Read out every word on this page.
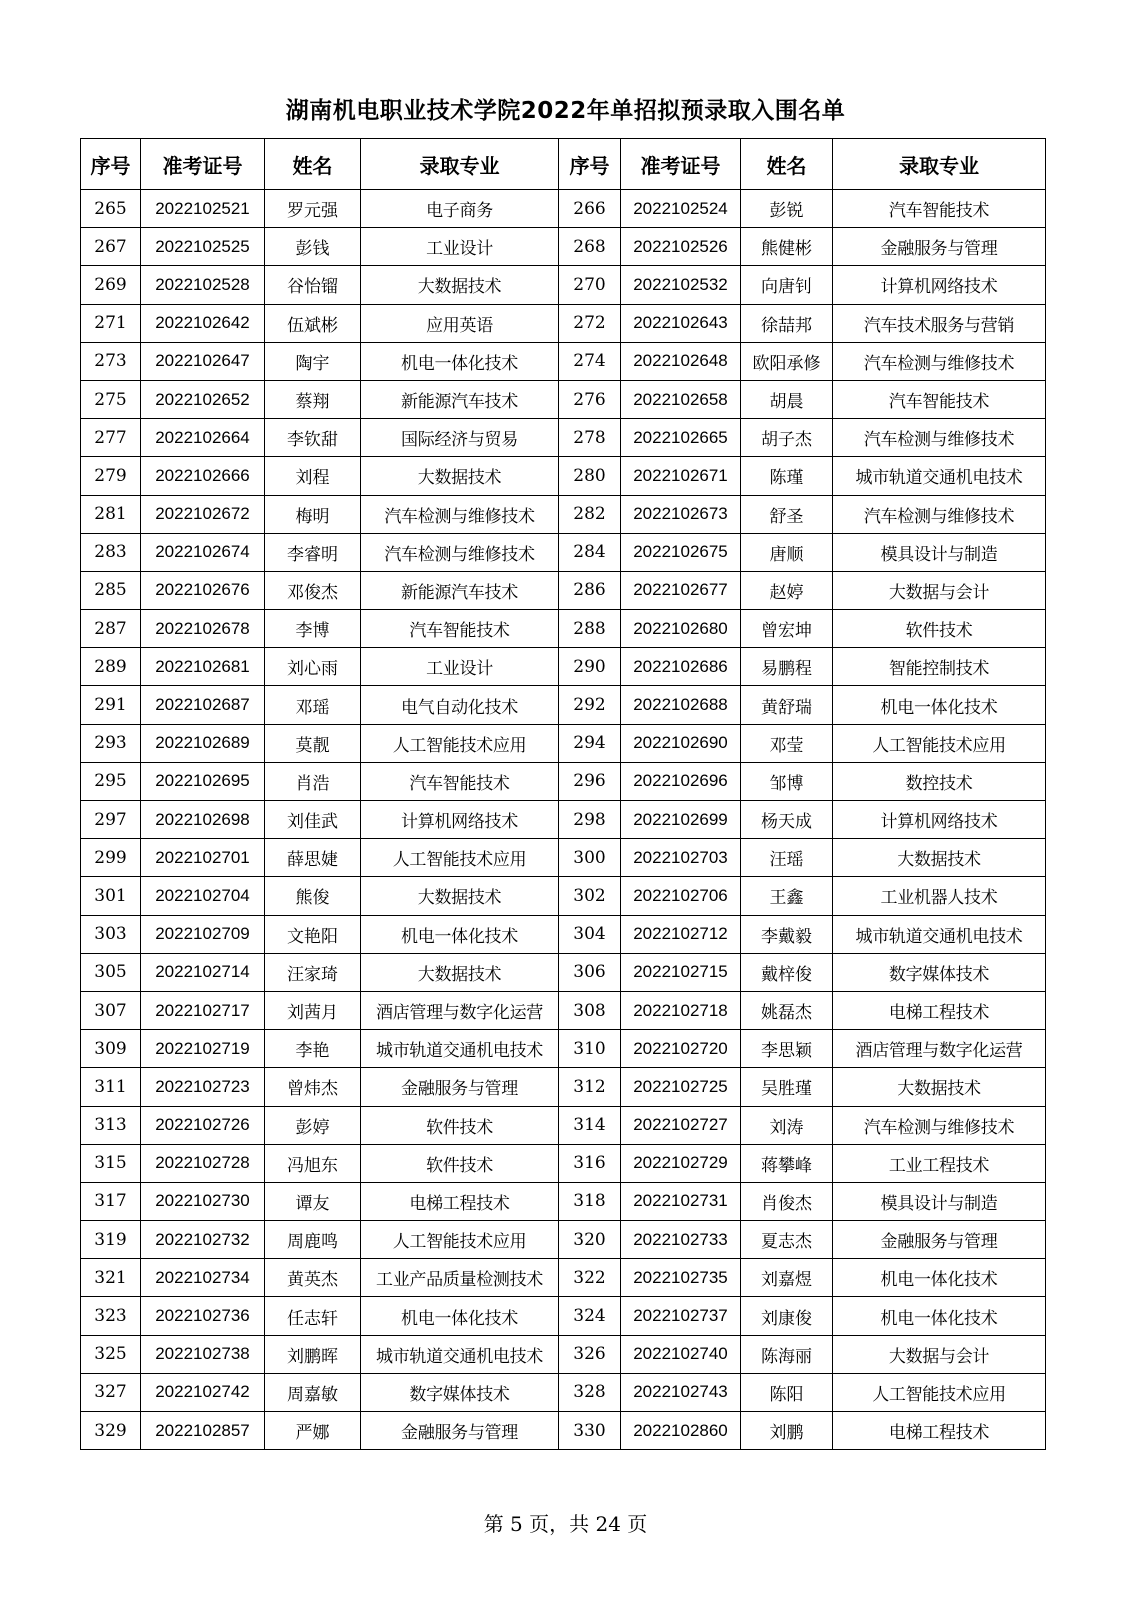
湖南机电职业技术学院2022年单招拟预录取入围名单
序号	准考证号	姓名	录取专业	序号	准考证号	姓名	录取专业
265	2022102521	罗元强	电子商务	266	2022102524	彭锐	汽车智能技术
267	2022102525	彭钱	工业设计	268	2022102526	熊健彬	金融服务与管理
269	2022102528	谷怡镏	大数据技术	270	2022102532	向唐钊	计算机网络技术
271	2022102642	伍斌彬	应用英语	272	2022102643	徐喆邦	汽车技术服务与营销
273	2022102647	陶宇	机电一体化技术	274	2022102648	欧阳承修	汽车检测与维修技术
275	2022102652	蔡翔	新能源汽车技术	276	2022102658	胡晨	汽车智能技术
277	2022102664	李钦甜	国际经济与贸易	278	2022102665	胡子杰	汽车检测与维修技术
279	2022102666	刘程	大数据技术	280	2022102671	陈瑾	城市轨道交通机电技术
281	2022102672	梅明	汽车检测与维修技术	282	2022102673	舒圣	汽车检测与维修技术
283	2022102674	李睿明	汽车检测与维修技术	284	2022102675	唐顺	模具设计与制造
285	2022102676	邓俊杰	新能源汽车技术	286	2022102677	赵婷	大数据与会计
287	2022102678	李博	汽车智能技术	288	2022102680	曾宏坤	软件技术
289	2022102681	刘心雨	工业设计	290	2022102686	易鹏程	智能控制技术
291	2022102687	邓瑶	电气自动化技术	292	2022102688	黄舒瑞	机电一体化技术
293	2022102689	莫靓	人工智能技术应用	294	2022102690	邓莹	人工智能技术应用
295	2022102695	肖浩	汽车智能技术	296	2022102696	邹博	数控技术
297	2022102698	刘佳武	计算机网络技术	298	2022102699	杨天成	计算机网络技术
299	2022102701	薛思婕	人工智能技术应用	300	2022102703	汪瑶	大数据技术
301	2022102704	熊俊	大数据技术	302	2022102706	王鑫	工业机器人技术
303	2022102709	文艳阳	机电一体化技术	304	2022102712	李戴毅	城市轨道交通机电技术
305	2022102714	汪家琦	大数据技术	306	2022102715	戴梓俊	数字媒体技术
307	2022102717	刘茜月	酒店管理与数字化运营	308	2022102718	姚磊杰	电梯工程技术
309	2022102719	李艳	城市轨道交通机电技术	310	2022102720	李思颖	酒店管理与数字化运营
311	2022102723	曾炜杰	金融服务与管理	312	2022102725	吴胜瑾	大数据技术
313	2022102726	彭婷	软件技术	314	2022102727	刘涛	汽车检测与维修技术
315	2022102728	冯旭东	软件技术	316	2022102729	蒋攀峰	工业工程技术
317	2022102730	谭友	电梯工程技术	318	2022102731	肖俊杰	模具设计与制造
319	2022102732	周鹿鸣	人工智能技术应用	320	2022102733	夏志杰	金融服务与管理
321	2022102734	黄英杰	工业产品质量检测技术	322	2022102735	刘嘉煜	机电一体化技术
323	2022102736	任志轩	机电一体化技术	324	2022102737	刘康俊	机电一体化技术
325	2022102738	刘鹏晖	城市轨道交通机电技术	326	2022102740	陈海丽	大数据与会计
327	2022102742	周嘉敏	数字媒体技术	328	2022102743	陈阳	人工智能技术应用
329	2022102857	严娜	金融服务与管理	330	2022102860	刘鹏	电梯工程技术
第 5 页，共 24 页
